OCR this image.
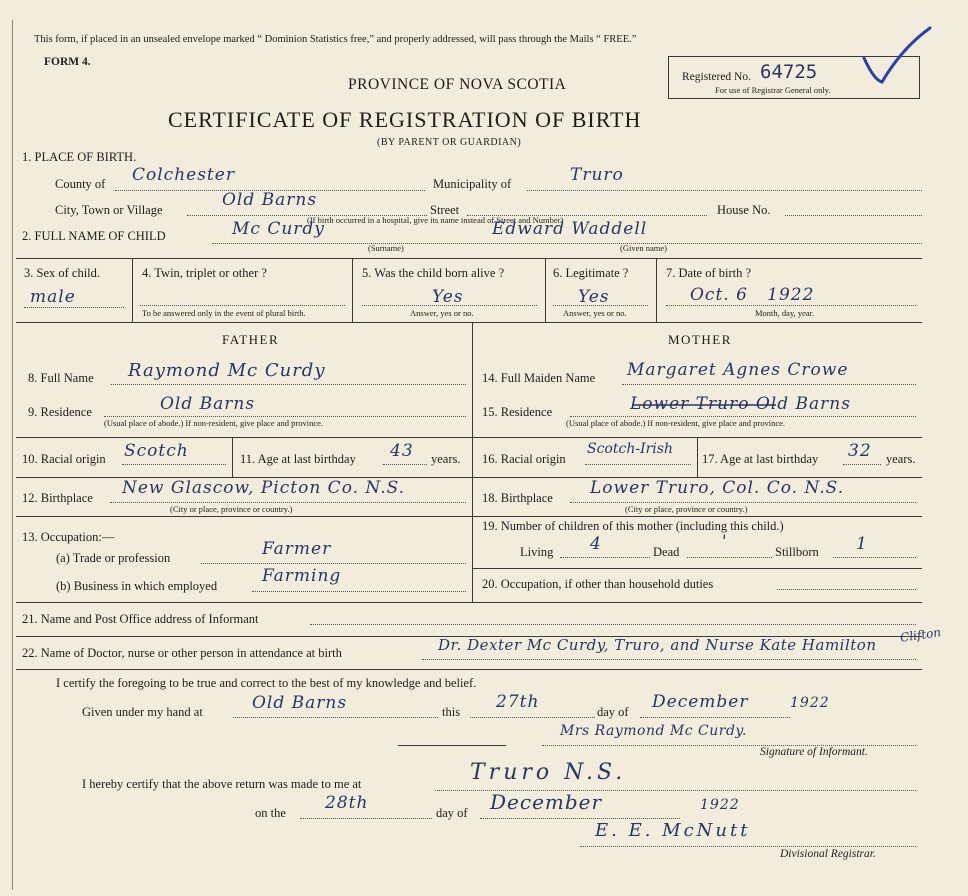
This form, if placed in an unsealed envelope marked “ Dominion Statistics free,” and properly addressed, will pass through the Mails “ FREE.”
FORM 4.
PROVINCE OF NOVA SCOTIA
CERTIFICATE OF REGISTRATION OF BIRTH
(BY PARENT OR GUARDIAN)
Registered No. 64725
For use of Registrar General only.
1. PLACE OF BIRTH.
County of Colchester	Municipality of	Truro
City, Town or Village	Old Barns	Street	House No.
(If birth occurred in a hospital, give its name instead of Street and Number)
2. FULL NAME OF CHILD	Mc Curdy
(Surname)
Edward Waddell
(Given name)
3. Sex of child.
male
4. Twin, triplet or other ?
To be answered only in the event of plural birth.
5. Was the child born alive ?
Yes
Answer, yes or no.
6. Legitimate ?
Yes
Answer, yes or no.
7. Date of birth ?
Oct. 6   1922
Month, day, year.
FATHER	MOTHER
8. Full Name Raymond Mc Curdy
9. Residence	Old Barns
(Usual place of abode.) If non-resident, give place and province.
10. Racial origin Scotch	11. Age at last birthday 43 years.
12. Birthplace New Glascow, Picton Co. N.S.
(City or place, province or country.)
13. Occupation:—
(a) Trade or profession	Farmer
(b) Business in which employed	Farming
14. Full Maiden Name Margaret Agnes Crowe
15. Residence	Lower Truro Old Barns
(Usual place of abode.) If non-resident, give place and province.
16. Racial origin
Scotch-Irish
17. Age at last birthday 32 years.
18. Birthplace Lower Truro, Col. Co. N.S.
(City or place, province or country.)
19. Number of children of this mother (including this child.)
Living 4	Dead	'	Stillborn 1
20. Occupation, if other than household duties
21. Name and Post Office address of Informant
22. Name of Doctor, nurse or other person in attendance at birth	Dr. Dexter Mc Curdy, Truro, and Nurse Kate Hamilton
Clifton
I certify the foregoing to be true and correct to the best of my knowledge and belief.
Given under my hand at	Old Barns	this 27th	day of December	1922
Mrs Raymond Mc Curdy.
Signature of Informant.
I hereby certify that the above return was made to me at	Truro N.S.
on the 28th	day of December	1922
E. E. McNutt
Divisional Registrar.
